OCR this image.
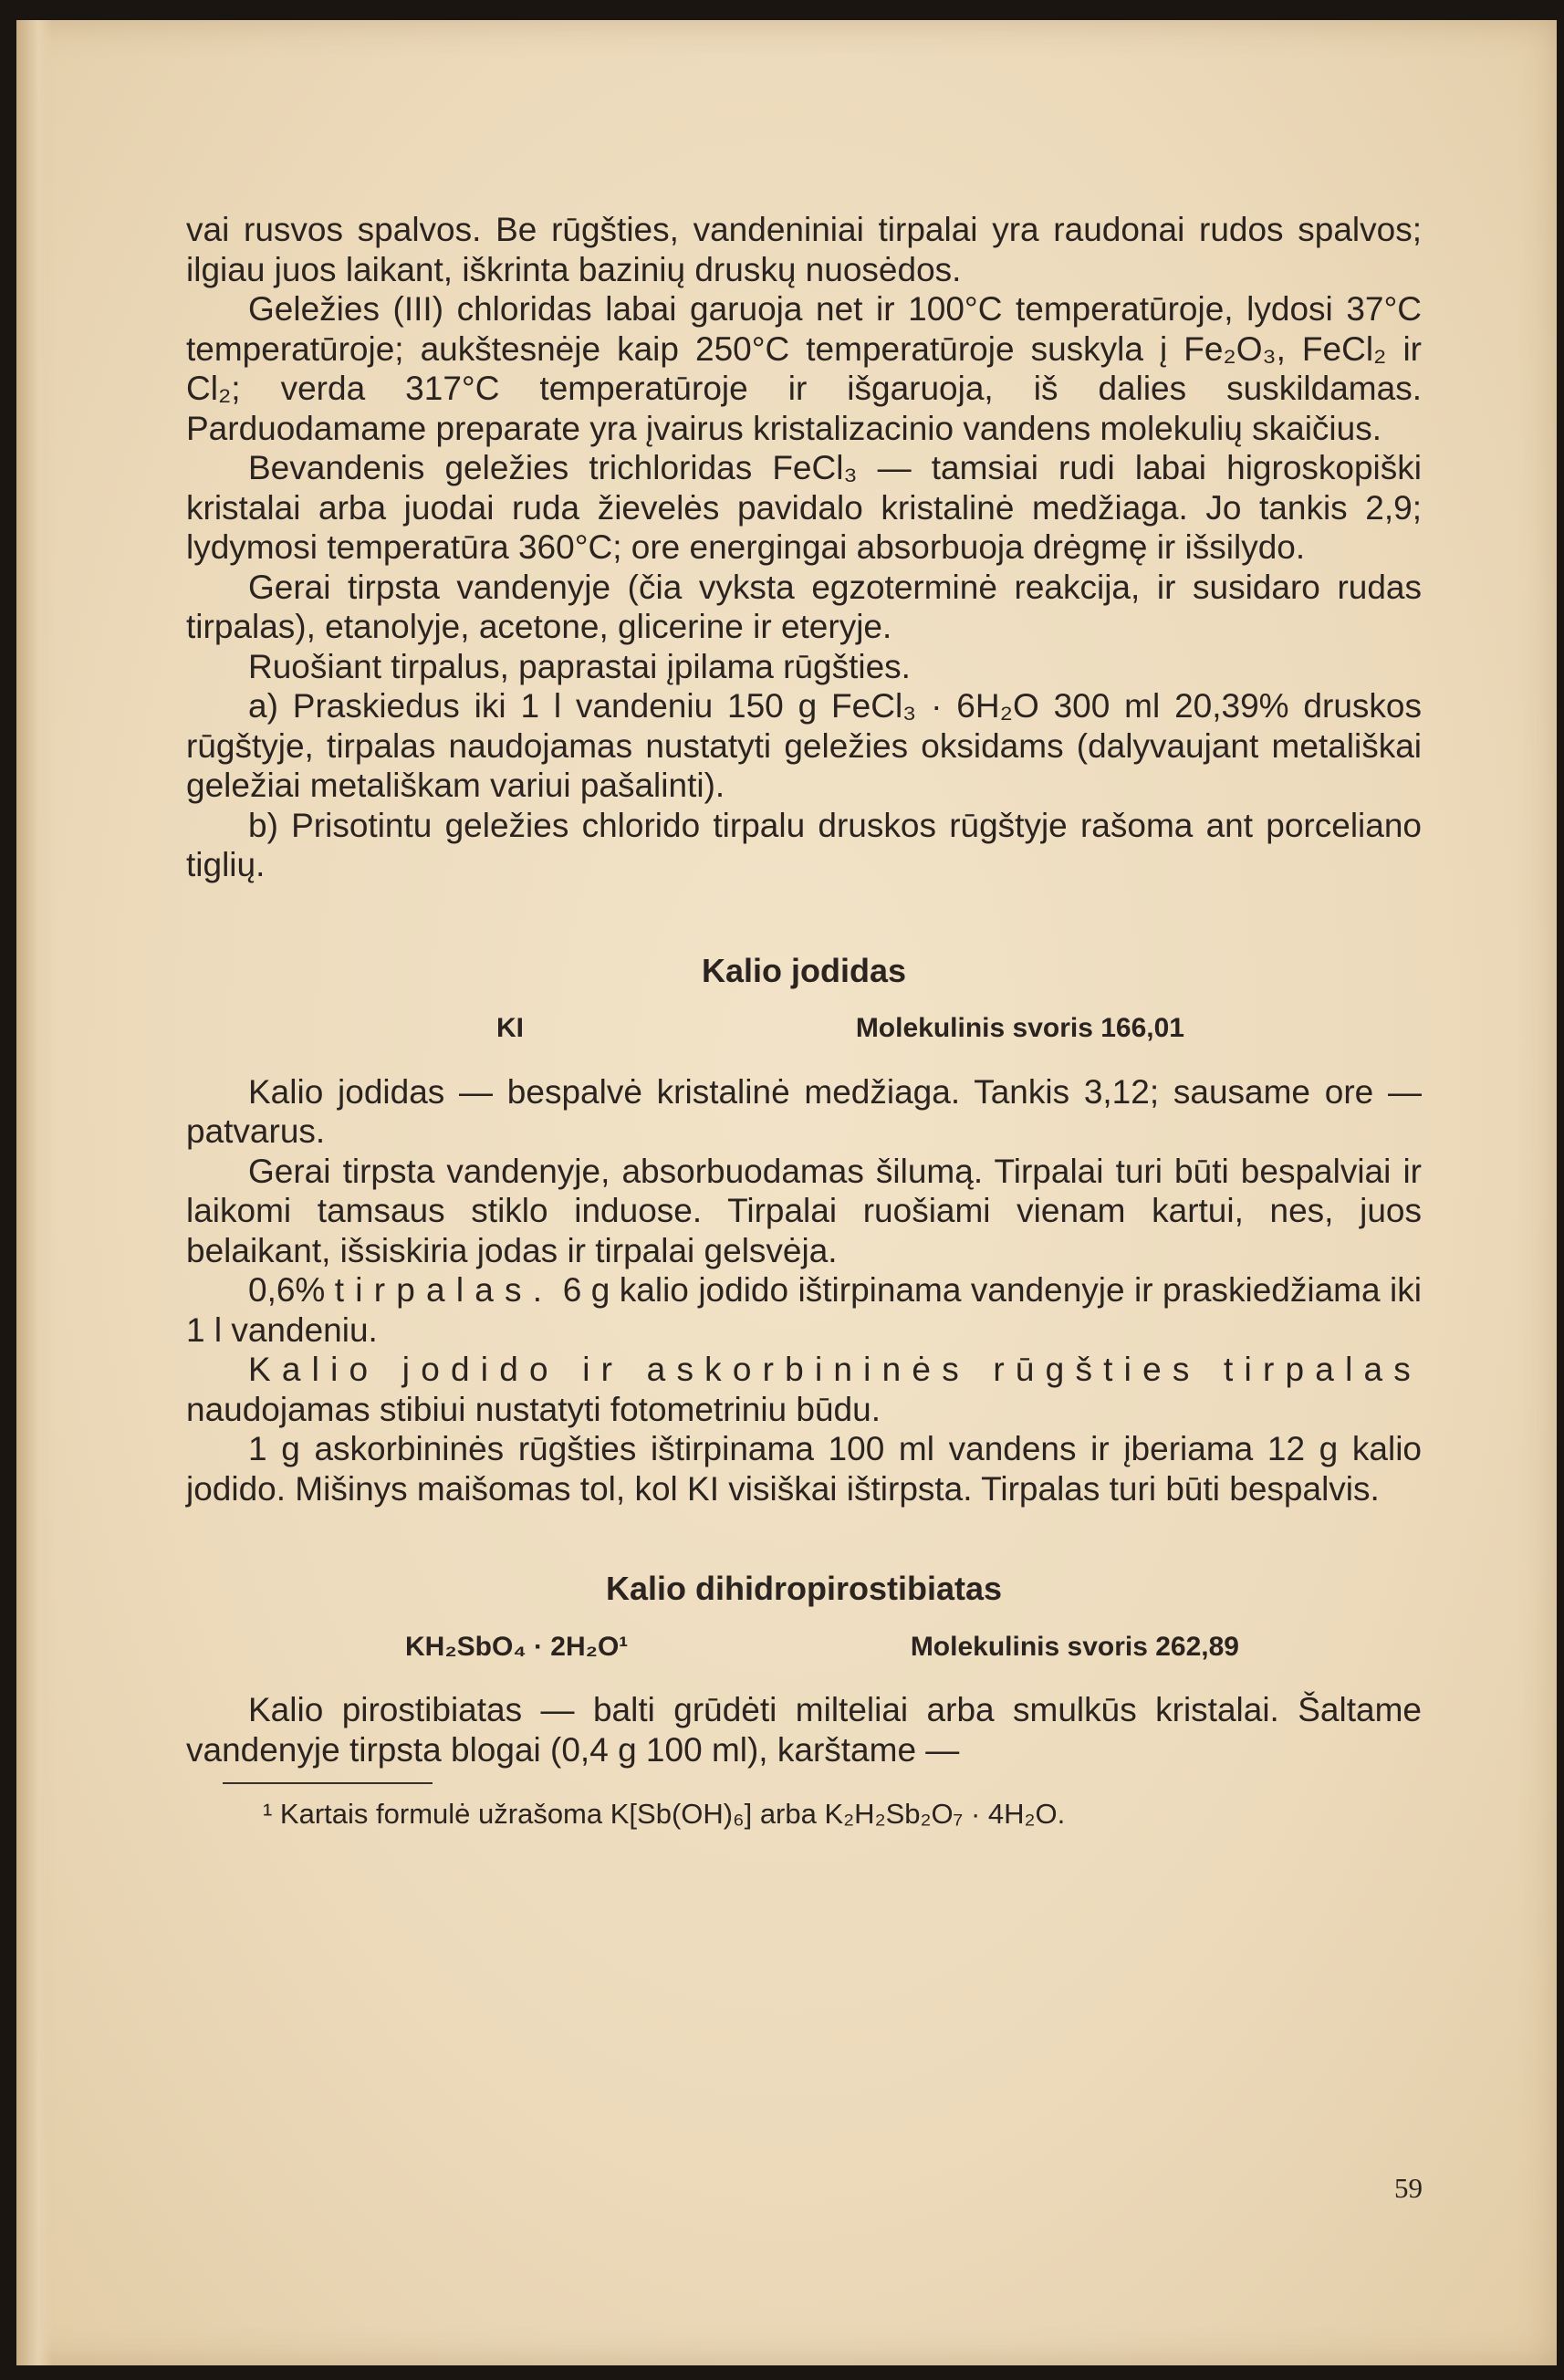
vai rusvos spalvos. Be rūgšties, vandeniniai tirpalai yra raudonai rudos spalvos; ilgiau juos laikant, iškrinta bazinių druskų nuosėdos.

Geležies (III) chloridas labai garuoja net ir 100°C temperatūroje, lydosi 37°C temperatūroje; aukštesnėje kaip 250°C temperatūroje suskyla į Fe₂O₃, FeCl₂ ir Cl₂; verda 317°C temperatūroje ir išgaruoja, iš dalies suskildamas. Parduodamame preparate yra įvairus kristalizacinio vandens molekulių skaičius.

Bevandenis geležies trichloridas FeCl₃ — tamsiai rudi labai higroskopiški kristalai arba juodai ruda žievelės pavidalo kristalinė medžiaga. Jo tankis 2,9; lydymosi temperatūra 360°C; ore energingai absorbuoja drėgmę ir išsilydo.

Gerai tirpsta vandenyje (čia vyksta egzoterminė reakcija, ir susidaro rudas tirpalas), etanolyje, acetone, glicerine ir eteryje.

Ruošiant tirpalus, paprastai įpilama rūgšties.

a) Praskiedus iki 1 l vandeniu 150 g FeCl₃ · 6H₂O 300 ml 20,39% druskos rūgštyje, tirpalas naudojamas nustatyti geležies oksidams (dalyvaujant metališkai geležiai metališkam variui pašalinti).

b) Prisotintu geležies chlorido tirpalu druskos rūgštyje rašoma ant porceliano tiglių.

Kalio jodidas
KI	Molekulinis svoris 166,01

Kalio jodidas — bespalvė kristalinė medžiaga. Tankis 3,12; sausame ore — patvarus.

Gerai tirpsta vandenyje, absorbuodamas šilumą. Tirpalai turi būti bespalviai ir laikomi tamsaus stiklo induose. Tirpalai ruošiami vienam kartui, nes, juos belaikant, išsiskiria jodas ir tirpalai gelsvėja.

0,6% tirpalas. 6 g kalio jodido ištirpinama vandenyje ir praskiedžiama iki 1 l vandeniu.

Kalio jodido ir askorbininės rūgšties tirpalas naudojamas stibiui nustatyti fotometriniu būdu.

1 g askorbininės rūgšties ištirpinama 100 ml vandens ir įberiama 12 g kalio jodido. Mišinys maišomas tol, kol KI visiškai ištirpsta. Tirpalas turi būti bespalvis.

Kalio dihidropirostibiatas
KH₂SbO₄ · 2H₂O¹	Molekulinis svoris 262,89

Kalio pirostibiatas — balti grūdėti milteliai arba smulkūs kristalai. Šaltame vandenyje tirpsta blogai (0,4 g 100 ml), karštame —

¹ Kartais formulė užrašoma K[Sb(OH)₆] arba K₂H₂Sb₂O₇ · 4H₂O.

59
